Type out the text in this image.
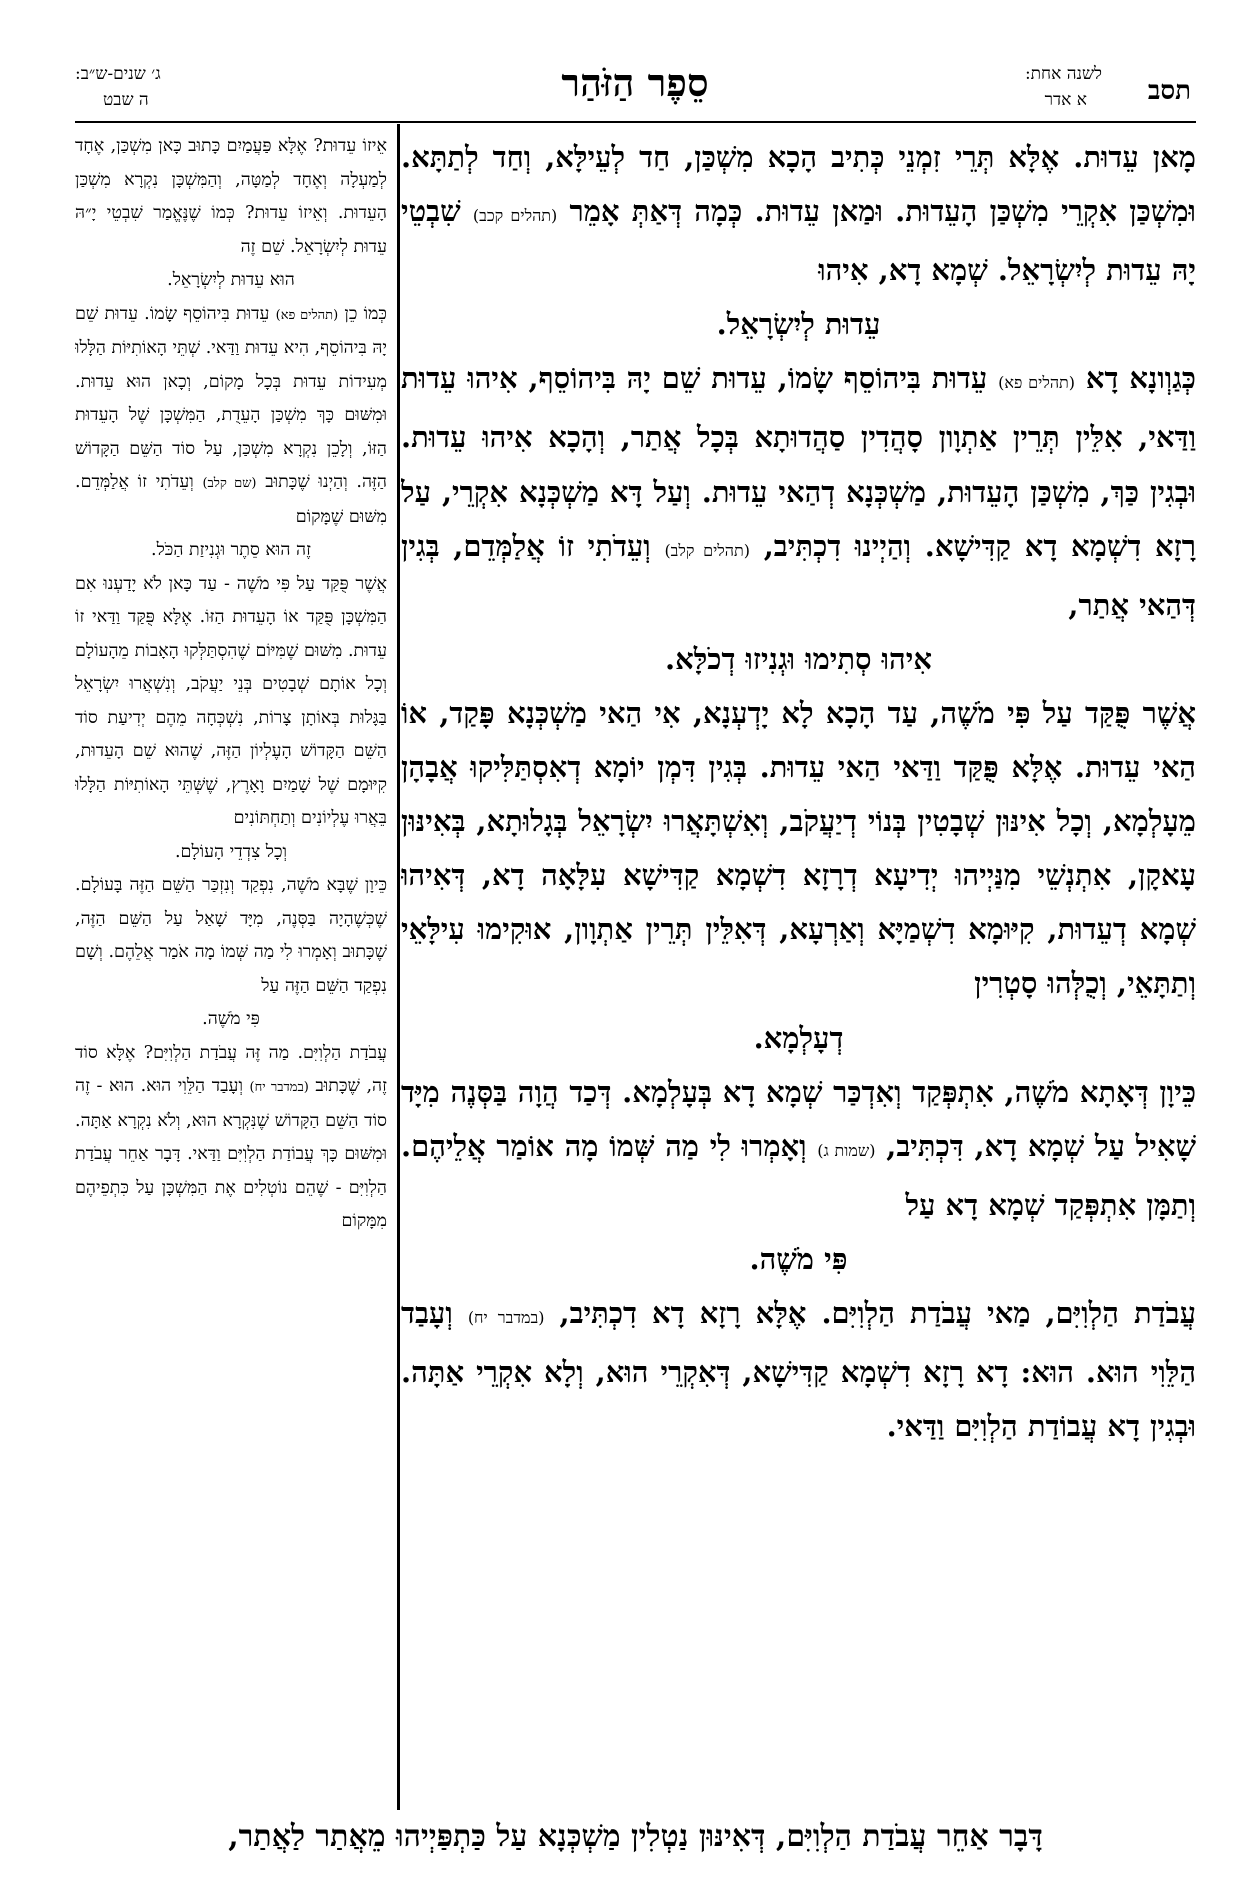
תסב
לשנה אחת:
א אדר
סֵפֶר הַזֹּהַר
ג׳ שנים-ש״ב:
ה שבט

מָאן עֵדוּת. אֶלָּא תְּרֵי זִמְנֵי כְּתִיב הָכָא מִשְׁכַּן, חַד לְעֵילָּא, וְחַד לְתַתָּא. וּמִשְׁכַּן אִקְרֵי מִשְׁכַּן הָעֵדוּת. וּמַאן עֵדוּת. כְּמָה דְּאַתְּ אָמֵר (תהלים קכב) שִׁבְטֵי יָהּ עֵדוּת לְיִשְׂרָאֵל. שְׁמָא דָא, אִיהוּ

עֵדוּת לְיִשְׂרָאֵל.

כְּגַוְונָא דָא (תהלים פא) עֵדוּת בִּיהוֹסֵף שָׂמוֹ, עֵדוּת שֵׁם יָהּ בִּיהוֹסֵף, אִיהוּ עֵדוּת וַדַּאי, אִלֵּין תְּרֵין אַתְוָון סָהֲדִין סַהֲדוּתָא בְּכָל אֲתַר, וְהָכָא אִיהוּ עֵדוּת. וּבְגִין כַּךְ, מִשְׁכַּן הָעֵדוּת, מַשְׁכְּנָא דְהַאי עֵדוּת. וְעַל דָּא מַשְׁכְּנָא אִקְרֵי, עַל רָזָא דִשְׁמָא דָא קַדִּישָׁא. וְהַיְינוּ דִכְתִּיב, (תהלים קלב) וְעֵדֹתִי זוֹ אֲלַמְּדֵם, בְּגִין דְּהַאי אֲתַר,

אִיהוּ סְתִימוּ וּגְנִיזוּ דְכֹלָּא.

אֲשֶׁר פֻּקַּד עַל פִּי מֹשֶׁה, עַד הָכָא לָא יָדְעְנָא, אִי הַאי מַשְׁכְּנָא פָּקַד, אוֹ הַאי עֵדוּת. אֶלָּא פֻּקַּד וַדַּאי הַאי עֵדוּת. בְּגִין דִּמְן יוֹמָא דְאִסְתַּלִּיקוּ אֲבָהָן מֵעָלְמָא, וְכָל אִינּוּן שְׁבָטִין בְּנוֹי דְיַעֲקֹב, וְאִשְׁתָּאֲרוּ יִשְׂרָאֵל בְּגָלוּתָא, בְּאִינּוּן עָאקָן, אִתְנְשֵׁי מִנַּיְיהוּ יְדִיעָא דְרָזָא דִשְׁמָא קַדִּישָׁא עִלָּאָה דָא, דְּאִיהוּ שְׁמָא דְעֵדוּת, קִיּוּמָא דִשְׁמַיָּא וְאַרְעָא, דְּאִלֵּין תְּרֵין אַתְוָון, אוּקִימוּ עִילָּאֵי וְתַתָּאֵי, וְכֻלְּהוּ סָטְרִין

דְעָלְמָא.

כֵּיוָן דְּאָתָא מֹשֶׁה, אִתְפְּקַד וְאִדְכַּר שְׁמָא דָא בְּעָלְמָא. דְּכַד הֲוָה בַּסְּנֶה מִיָּד שָׁאִיל עַל שְׁמָא דָא, דִּכְתִּיב, (שמות ג) וְאָמְרוּ לִי מַה שְּׁמוֹ מָה אוֹמַר אֲלֵיהֶם. וְתַמָּן אִתְפְּקַד שְׁמָא דָא עַל

פִּי מֹשֶׁה.

עֲבֹדַת הַלְוִיִּם, מַאי עֲבֹדַת הַלְוִיִּם. אֶלָּא רָזָא דָא דִכְתִּיב, (במדבר יח) וְעָבַד הַלֵּוִי הוּא. הוּא: דָא רָזָא דִשְׁמָא קַדִּישָׁא, דְּאִקְרֵי הוּא, וְלָא אִקְרֵי אַתָּה. וּבְגִין דָא עֲבוֹדַת הַלְוִיִּם וַדַּאי.

דָּבָר אַחֵר עֲבֹדַת הַלְוִיִּם, דְּאִינּוּן נַטְלִין מַשְׁכְּנָא עַל כַּתְפַּיְיהוּ מֵאֲתַר לַאֲתַר,

אֵיזוֹ עֵדוּת? אֶלָּא פַּעֲמַיִם כָּתוּב כָּאן מִשְׁכַּן, אֶחָד לְמַעְלָה וְאֶחָד לְמַטָּה, וְהַמִּשְׁכָּן נִקְרָא מִשְׁכַּן הָעֵדוּת. וְאֵיזוֹ עֵדוּת? כְּמוֹ שֶׁנֶּאֱמַר שִׁבְטֵי יָ״הּ עֵדוּת לְיִשְׂרָאֵל. שֵׁם זֶה

הוּא עֵדוּת לְיִשְׂרָאֵל.

כְּמוֹ כֵן (תהלים פא) עֵדוּת בִּיהוֹסֵף שָׂמוֹ. עֵדוּת שֵׁם יָהּ בִּיהוֹסֵף, הִיא עֵדוּת וַדַּאי. שְׁתֵּי הָאוֹתִיּוֹת הַלָּלוּ מְעִידוֹת עֵדוּת בְּכָל מָקוֹם, וְכָאן הוּא עֵדוּת. וּמִשּׁוּם כָּךְ מִשְׁכַּן הָעֵדֻת, הַמִּשְׁכָּן שֶׁל הָעֵדוּת הַזּוֹ, וְלָכֵן נִקְרָא מִשְׁכַּן, עַל סוֹד הַשֵּׁם הַקָּדוֹשׁ הַזֶּה. וְהַיְנוּ שֶׁכָּתוּב (שם קלב) וְעֵדֹתִי זוֹ אֲלַמְּדֵם. מִשּׁוּם שֶׁמָּקוֹם

זֶה הוּא סֵתֶר וּגְנִיזַת הַכֹּל.

אֲשֶׁר פֻּקַּד עַל פִּי מֹשֶׁה - עַד כָּאן לֹא יָדַעְנוּ אִם הַמִּשְׁכָּן פֻּקַּד אוֹ הָעֵדוּת הַזּוֹ. אֶלָּא פֻּקַּד וַדַּאי זוֹ עֵדוּת. מִשּׁוּם שֶׁמִּיּוֹם שֶׁהִסְתַּלְּקוּ הָאָבוֹת מֵהָעוֹלָם וְכָל אוֹתָם שְׁבָטִים בְּנֵי יַעֲקֹב, וְנִשְׁאֲרוּ יִשְׂרָאֵל בַּגָּלוּת בְּאוֹתָן צָרוֹת, נִשְׁכְּחָה מֵהֶם יְדִיעַת סוֹד הַשֵּׁם הַקָּדוֹשׁ הָעֶלְיוֹן הַזֶּה, שֶׁהוּא שֵׁם הָעֵדוּת, קִיּוּמָם שֶׁל שָׁמַיִם וָאָרֶץ, שֶׁשְּׁתֵּי הָאוֹתִיּוֹת הַלָּלוּ בֵּאֲרוּ עֶלְיוֹנִים וְתַחְתּוֹנִים

וְכָל צִדְדֵי הָעוֹלָם.

כֵּיוָן שֶׁבָּא מֹשֶׁה, נִפְקַד וְנִזְכַּר הַשֵּׁם הַזֶּה בָּעוֹלָם. שֶׁכְּשֶׁהָיָה בַּסְּנֶה, מִיָּד שָׁאַל עַל הַשֵּׁם הַזֶּה, שֶׁכָּתוּב וְאָמְרוּ לִי מַה שְּׁמוֹ מָה אֹמַר אֲלֵהֶם. וְשָׁם נִפְקַד הַשֵּׁם הַזֶּה עַל

פִּי מֹשֶׁה.

עֲבֹדַת הַלְוִיִּם. מַה זֶּה עֲבֹדַת הַלְוִיִּם? אֶלָּא סוֹד זֶה, שֶׁכָּתוּב (במדבר יח) וְעָבַד הַלֵּוִי הוּא. הוּא - זֶה סוֹד הַשֵּׁם הַקָּדוֹשׁ שֶׁנִּקְרָא הוּא, וְלֹא נִקְרָא אַתָּה. וּמִשּׁוּם כָּךְ עֲבוֹדַת הַלְוִיִּם וַדַּאי. דָּבָר אַחֵר עֲבֹדַת הַלְוִיִּם - שֶׁהֵם נוֹטְלִים אֶת הַמִּשְׁכָּן עַל כִּתְפֵיהֶם מִמָּקוֹם
